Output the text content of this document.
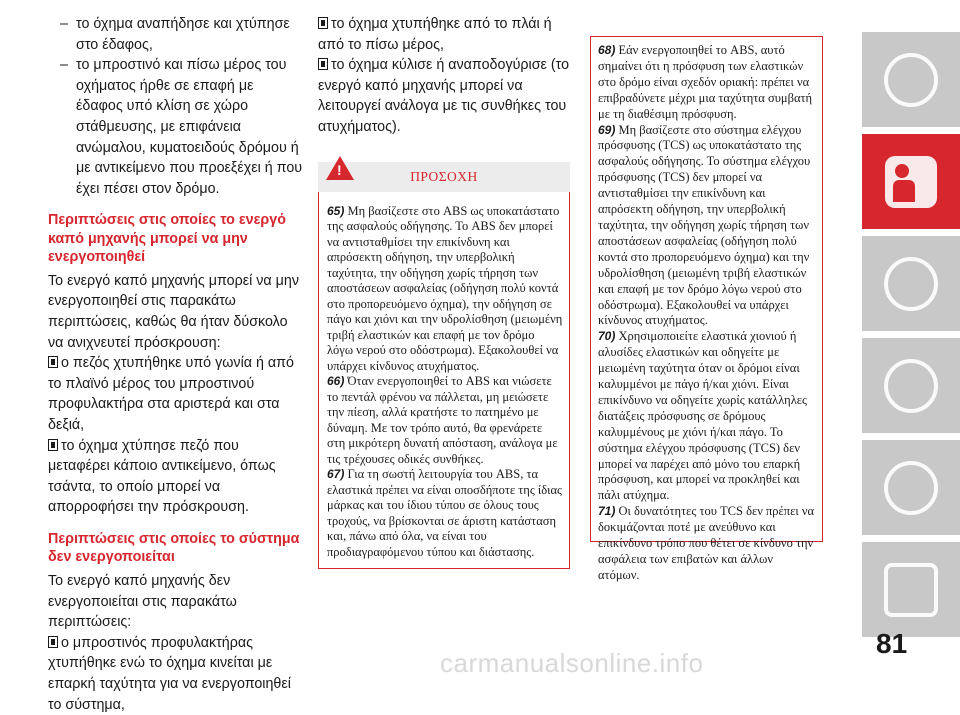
– το όχημα αναπήδησε και χτύπησε στο έδαφος,

– το μπροστινό και πίσω μέρος του οχήματος ήρθε σε επαφή με έδαφος υπό κλίση σε χώρο στάθμευσης, με επιφάνεια ανώμαλου, κυματοειδούς δρόμου ή με αντικείμενο που προεξέχει ή που έχει πέσει στον δρόμο.

Περιπτώσεις στις οποίες το ενεργό καπό μηχανής μπορεί να μην ενεργοποιηθεί

Το ενεργό καπό μηχανής μπορεί να μην ενεργοποιηθεί στις παρακάτω περιπτώσεις, καθώς θα ήταν δύσκολο να ανιχνευτεί πρόσκρουση:

ο πεζός χτυπήθηκε υπό γωνία ή από το πλαϊνό μέρος του μπροστινού προφυλακτήρα στα αριστερά και στα δεξιά,

το όχημα χτύπησε πεζό που μεταφέρει κάποιο αντικείμενο, όπως τσάντα, το οποίο μπορεί να απορροφήσει την πρόσκρουση.

Περιπτώσεις στις οποίες το σύστημα δεν ενεργοποιείται

Το ενεργό καπό μηχανής δεν ενεργοποιείται στις παρακάτω περιπτώσεις:

ο μπροστινός προφυλακτήρας χτυπήθηκε ενώ το όχημα κινείται με επαρκή ταχύτητα για να ενεργοποιηθεί το σύστημα,

το όχημα χτυπήθηκε από το πλάι ή από το πίσω μέρος,

το όχημα κύλισε ή αναποδογύρισε (το ενεργό καπό μηχανής μπορεί να λειτουργεί ανάλογα με τις συνθήκες του ατυχήματος).

!
ΠΡΟΣΟΧΗ

65) Μη βασίζεστε στο ABS ως υποκατάστατο της ασφαλούς οδήγησης. Το ABS δεν μπορεί να αντισταθμίσει την επικίνδυνη και απρόσεκτη οδήγηση, την υπερβολική ταχύτητα, την οδήγηση χωρίς τήρηση των αποστάσεων ασφαλείας (οδήγηση πολύ κοντά στο προπορευόμενο όχημα), την οδήγηση σε πάγο και χιόνι και την υδρολίσθηση (μειωμένη τριβή ελαστικών και επαφή με τον δρόμο λόγω νερού στο οδόστρωμα). Εξακολουθεί να υπάρχει κίνδυνος ατυχήματος.

66) Όταν ενεργοποιηθεί το ABS και νιώσετε το πεντάλ φρένου να πάλλεται, μη μειώσετε την πίεση, αλλά κρατήστε το πατημένο με δύναμη. Με τον τρόπο αυτό, θα φρενάρετε στη μικρότερη δυνατή απόσταση, ανάλογα με τις τρέχουσες οδικές συνθήκες.

67) Για τη σωστή λειτουργία του ABS, τα ελαστικά πρέπει να είναι οποσδήποτε της ίδιας μάρκας και του ίδιου τύπου σε όλους τους τροχούς, να βρίσκονται σε άριστη κατάσταση και, πάνω από όλα, να είναι του προδιαγραφόμενου τύπου και διάστασης.

68) Εάν ενεργοποιηθεί το ABS, αυτό σημαίνει ότι η πρόσφυση των ελαστικών στο δρόμο είναι σχεδόν οριακή: πρέπει να επιβραδύνετε μέχρι μια ταχύτητα συμβατή με τη διαθέσιμη πρόσφυση.

69) Μη βασίζεστε στο σύστημα ελέγχου πρόσφυσης (TCS) ως υποκατάστατο της ασφαλούς οδήγησης. Το σύστημα ελέγχου πρόσφυσης (TCS) δεν μπορεί να αντισταθμίσει την επικίνδυνη και απρόσεκτη οδήγηση, την υπερβολική ταχύτητα, την οδήγηση χωρίς τήρηση των αποστάσεων ασφαλείας (οδήγηση πολύ κοντά στο προπορευόμενο όχημα) και την υδρολίσθηση (μειωμένη τριβή ελαστικών και επαφή με τον δρόμο λόγω νερού στο οδόστρωμα). Εξακολουθεί να υπάρχει κίνδυνος ατυχήματος.

70) Χρησιμοποιείτε ελαστικά χιονιού ή αλυσίδες ελαστικών και οδηγείτε με μειωμένη ταχύτητα όταν οι δρόμοι είναι καλυμμένοι με πάγο ή/και χιόνι. Είναι επικίνδυνο να οδηγείτε χωρίς κατάλληλες διατάξεις πρόσφυσης σε δρόμους καλυμμένους με χιόνι ή/και πάγο. Το σύστημα ελέγχου πρόσφυσης (TCS) δεν μπορεί να παρέχει από μόνο του επαρκή πρόσφυση, και μπορεί να προκληθεί και πάλι ατύχημα.

71) Οι δυνατότητες του TCS δεν πρέπει να δοκιμάζονται ποτέ με ανεύθυνο και επικίνδυνο τρόπο που θέτει σε κίνδυνο την ασφάλεια των επιβατών και άλλων ατόμων.

81
carmanualsonline.info
